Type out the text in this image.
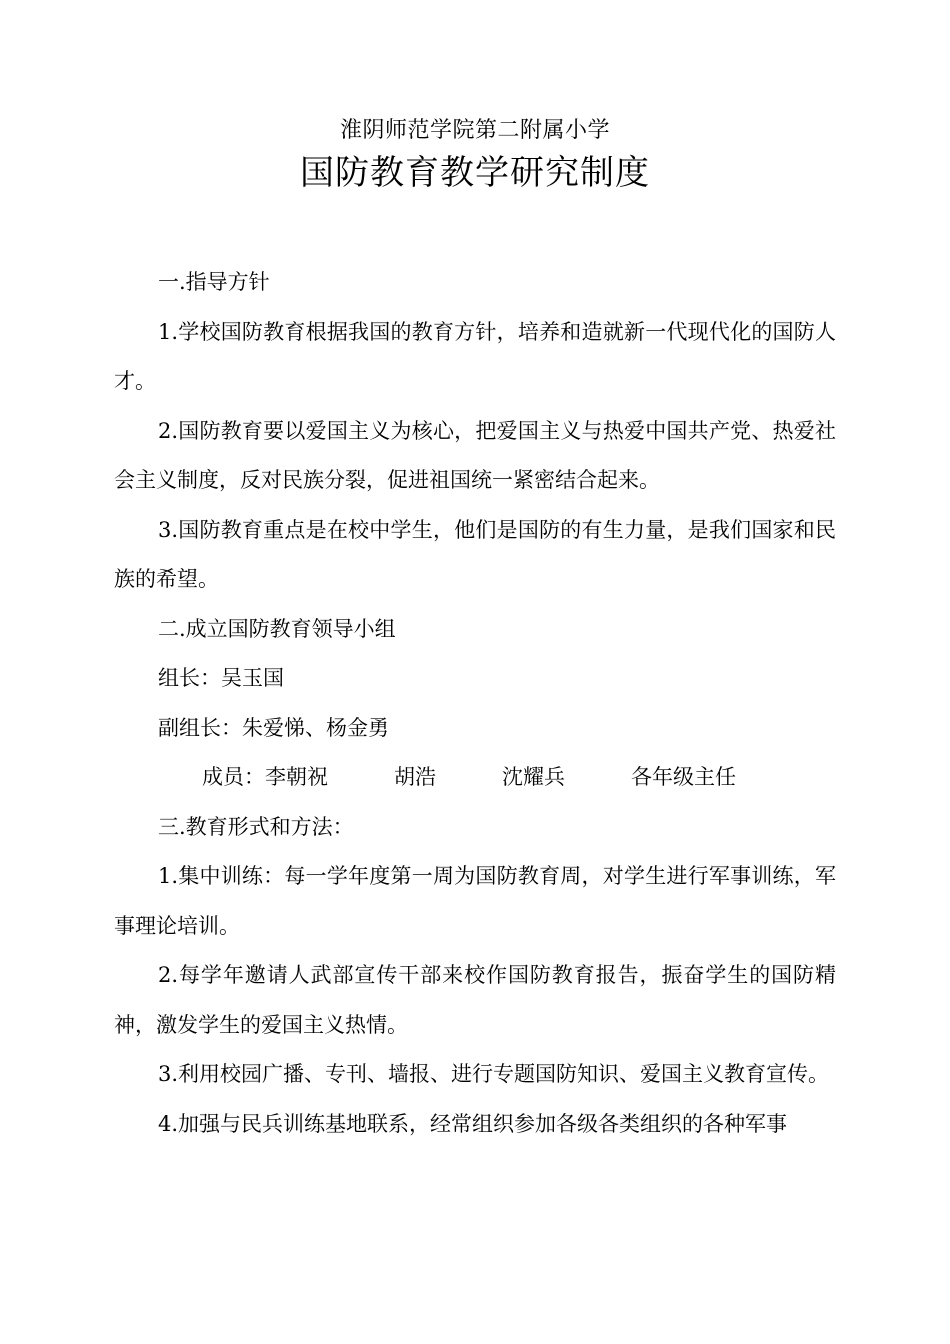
淮阴师范学院第二附属小学
国防教育教学研究制度

一.指导方针

1.学校国防教育根据我国的教育方针，培养和造就新一代现代化的国防人才。

2.国防教育要以爱国主义为核心，把爱国主义与热爱中国共产党、热爱社会主义制度，反对民族分裂，促进祖国统一紧密结合起来。

3.国防教育重点是在校中学生，他们是国防的有生力量，是我们国家和民族的希望。

二.成立国防教育领导小组

组长：吴玉国

副组长：朱爱悌、杨金勇

成员：李朝祝	胡浩	沈耀兵	各年级主任

三.教育形式和方法：

1.集中训练：每一学年度第一周为国防教育周，对学生进行军事训练，军事理论培训。

2.每学年邀请人武部宣传干部来校作国防教育报告，振奋学生的国防精神，激发学生的爱国主义热情。

3.利用校园广播、专刊、墙报、进行专题国防知识、爱国主义教育宣传。

4.加强与民兵训练基地联系，经常组织参加各级各类组织的各种军事
